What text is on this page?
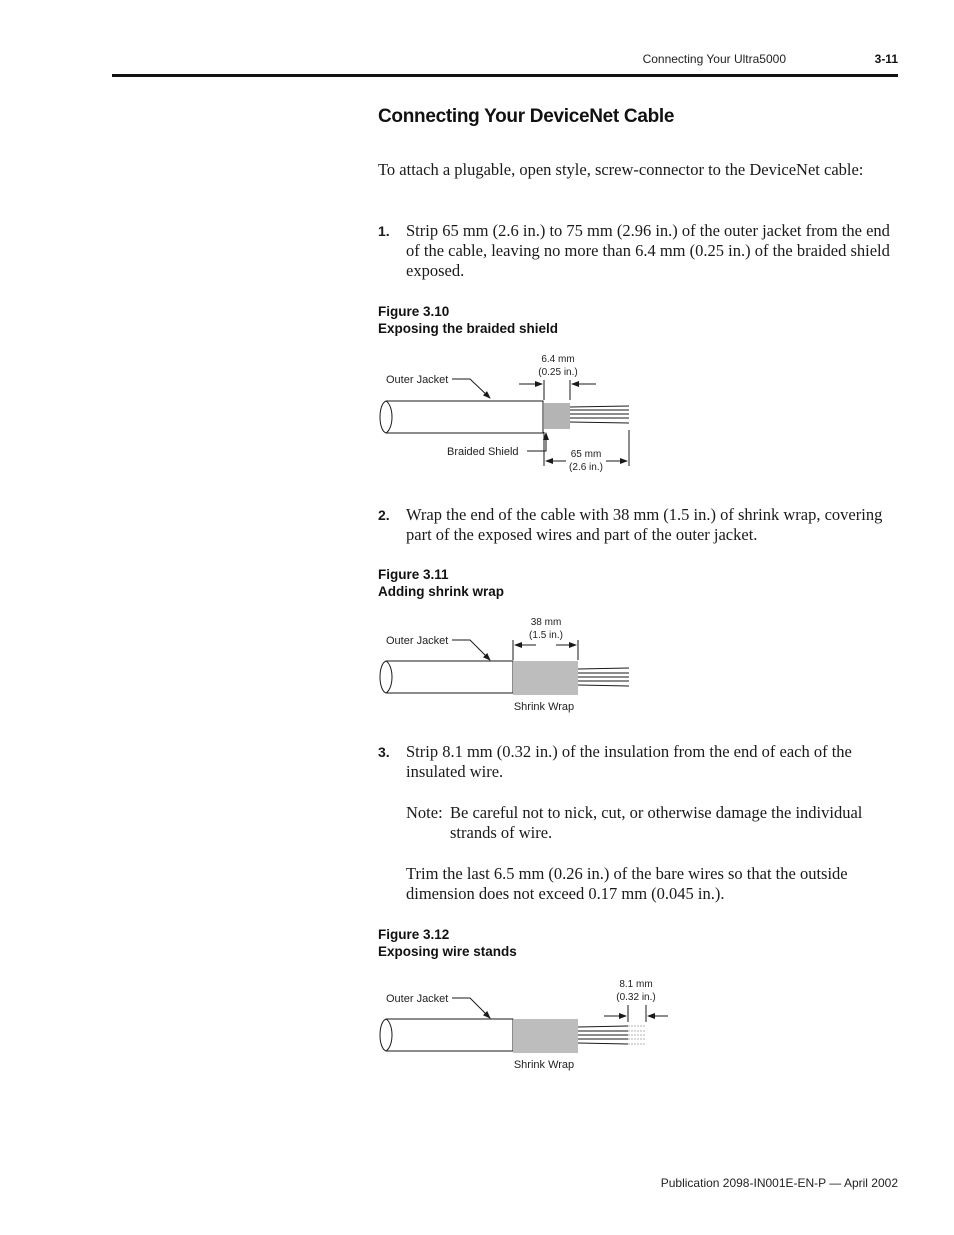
Connecting Your Ultra5000	3-11
Connecting Your DeviceNet Cable
To attach a plugable, open style, screw-connector to the DeviceNet cable:
1. Strip 65 mm (2.6 in.) to 75 mm (2.96 in.) of the outer jacket from the end of the cable, leaving no more than 6.4 mm (0.25 in.) of the braided shield exposed.
Figure 3.10
Exposing the braided shield
Outer Jacket
6.4 mm
(0.25 in.)
Braided Shield	65 mm
(2.6 in.)
2. Wrap the end of the cable with 38 mm (1.5 in.) of shrink wrap, covering part of the exposed wires and part of the outer jacket.
Figure 3.11
Adding shrink wrap
Outer Jacket
38 mm
(1.5 in.)
Shrink Wrap
3. Strip 8.1 mm (0.32 in.) of the insulation from the end of each of the insulated wire.
Note: Be careful not to nick, cut, or otherwise damage the individual strands of wire.
Trim the last 6.5 mm (0.26 in.) of the bare wires so that the outside dimension does not exceed 0.17 mm (0.045 in.).
Figure 3.12
Exposing wire stands
Outer Jacket
8.1 mm
(0.32 in.)
Shrink Wrap
Publication 2098-IN001E-EN-P — April 2002
